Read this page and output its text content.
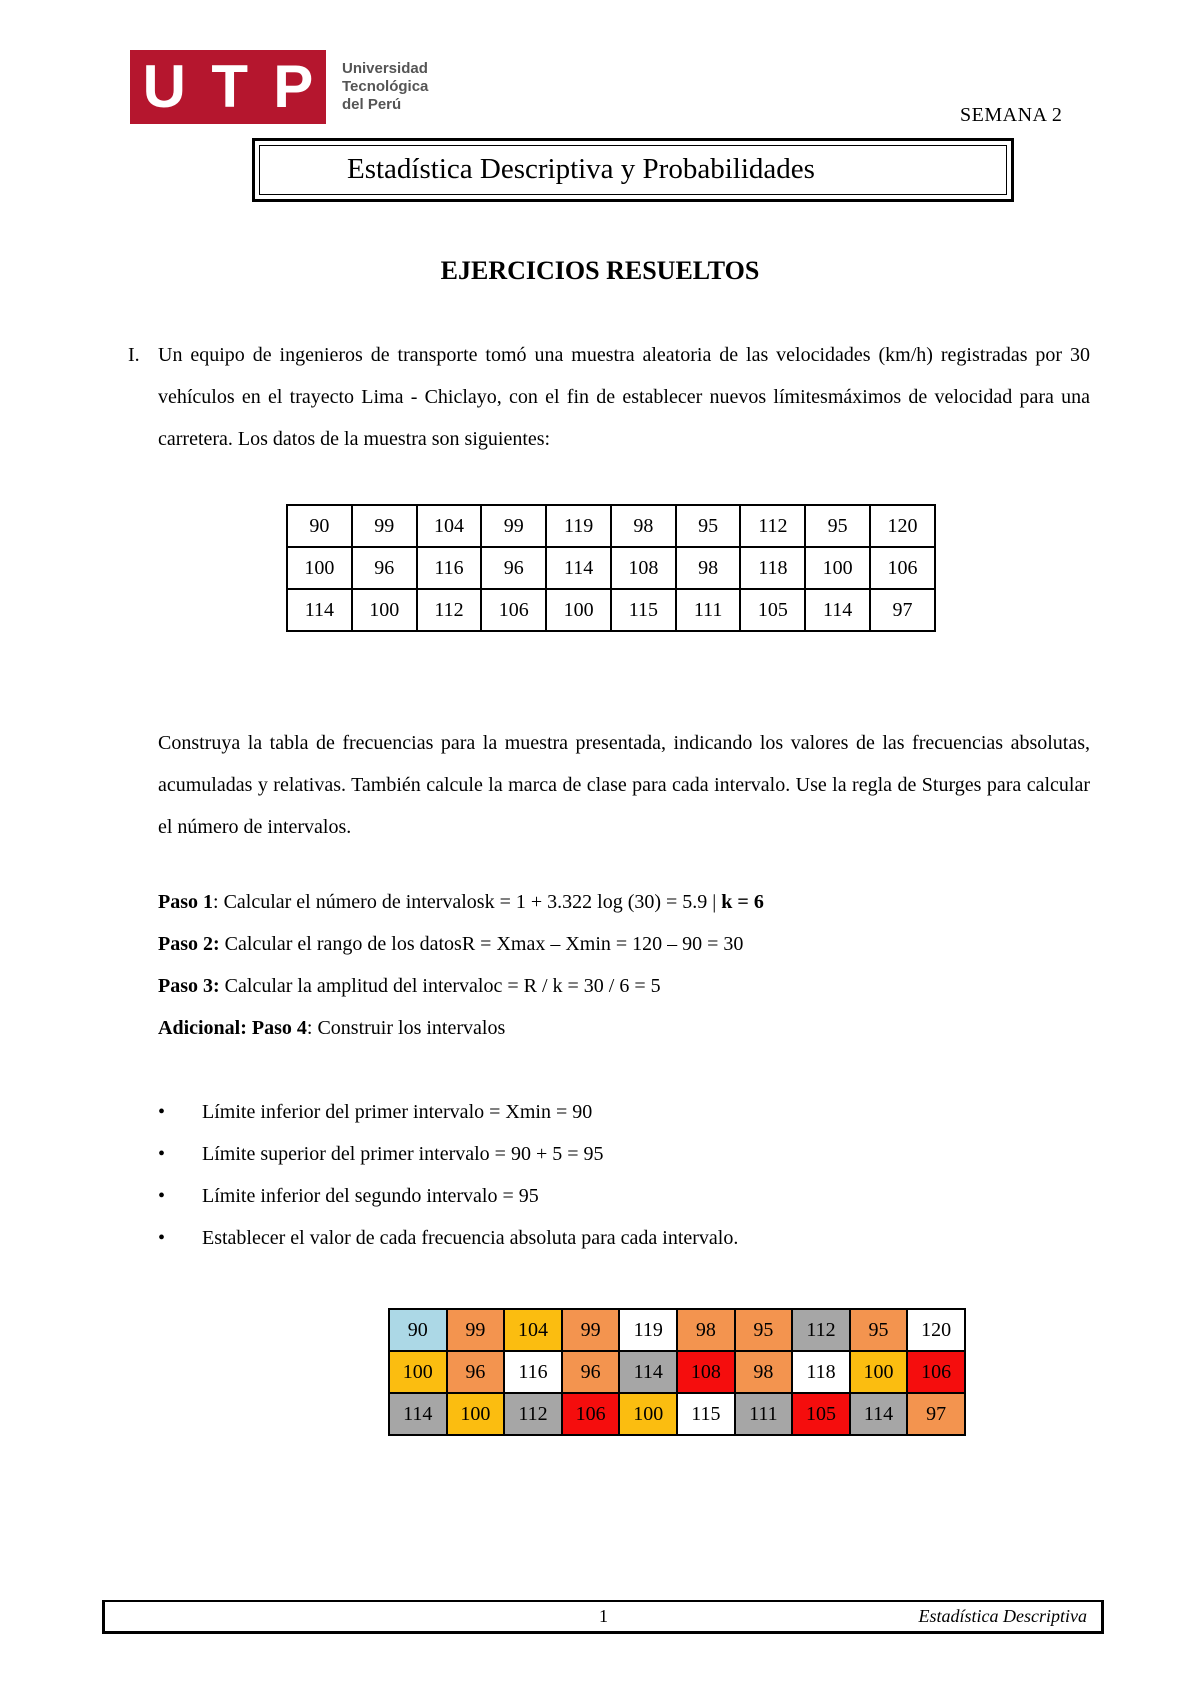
U T P Universidad
Tecnológica
del Perú	SEMANA 2
Estadística Descriptiva y Probabilidades
EJERCICIOS RESUELTOS
I. Un equipo de ingenieros de transporte tomó una muestra aleatoria de las velocidades (km/h) registradas por 30 vehículos en el trayecto Lima - Chiclayo, con el fin de establecer nuevos límitesmáximos de velocidad para una carretera. Los datos de la muestra son siguientes:
90	99	104	99	119	98	95	112	95	120
100	96	116	96	114	108	98	118	100	106
114	100	112	106	100	115	111	105	114	97
Construya la tabla de frecuencias para la muestra presentada, indicando los valores de las frecuencias absolutas, acumuladas y relativas. También calcule la marca de clase para cada intervalo. Use la regla de Sturges para calcular el número de intervalos.
Paso 1: Calcular el número de intervalosk = 1 + 3.322 log (30) = 5.9 | k = 6
Paso 2: Calcular el rango de los datosR = Xmax – Xmin = 120 – 90 = 30
Paso 3: Calcular la amplitud del intervaloc = R / k = 30 / 6 = 5
Adicional: Paso 4: Construir los intervalos
• Límite inferior del primer intervalo = Xmin = 90
• Límite superior del primer intervalo = 90 + 5 = 95
• Límite inferior del segundo intervalo = 95
• Establecer el valor de cada frecuencia absoluta para cada intervalo.
90	99	104	99	119	98	95	112	95	120
100	96	116	96	114	108	98	118	100	106
114	100	112	106	100	115	111	105	114	97
1	Estadística Descriptiva
